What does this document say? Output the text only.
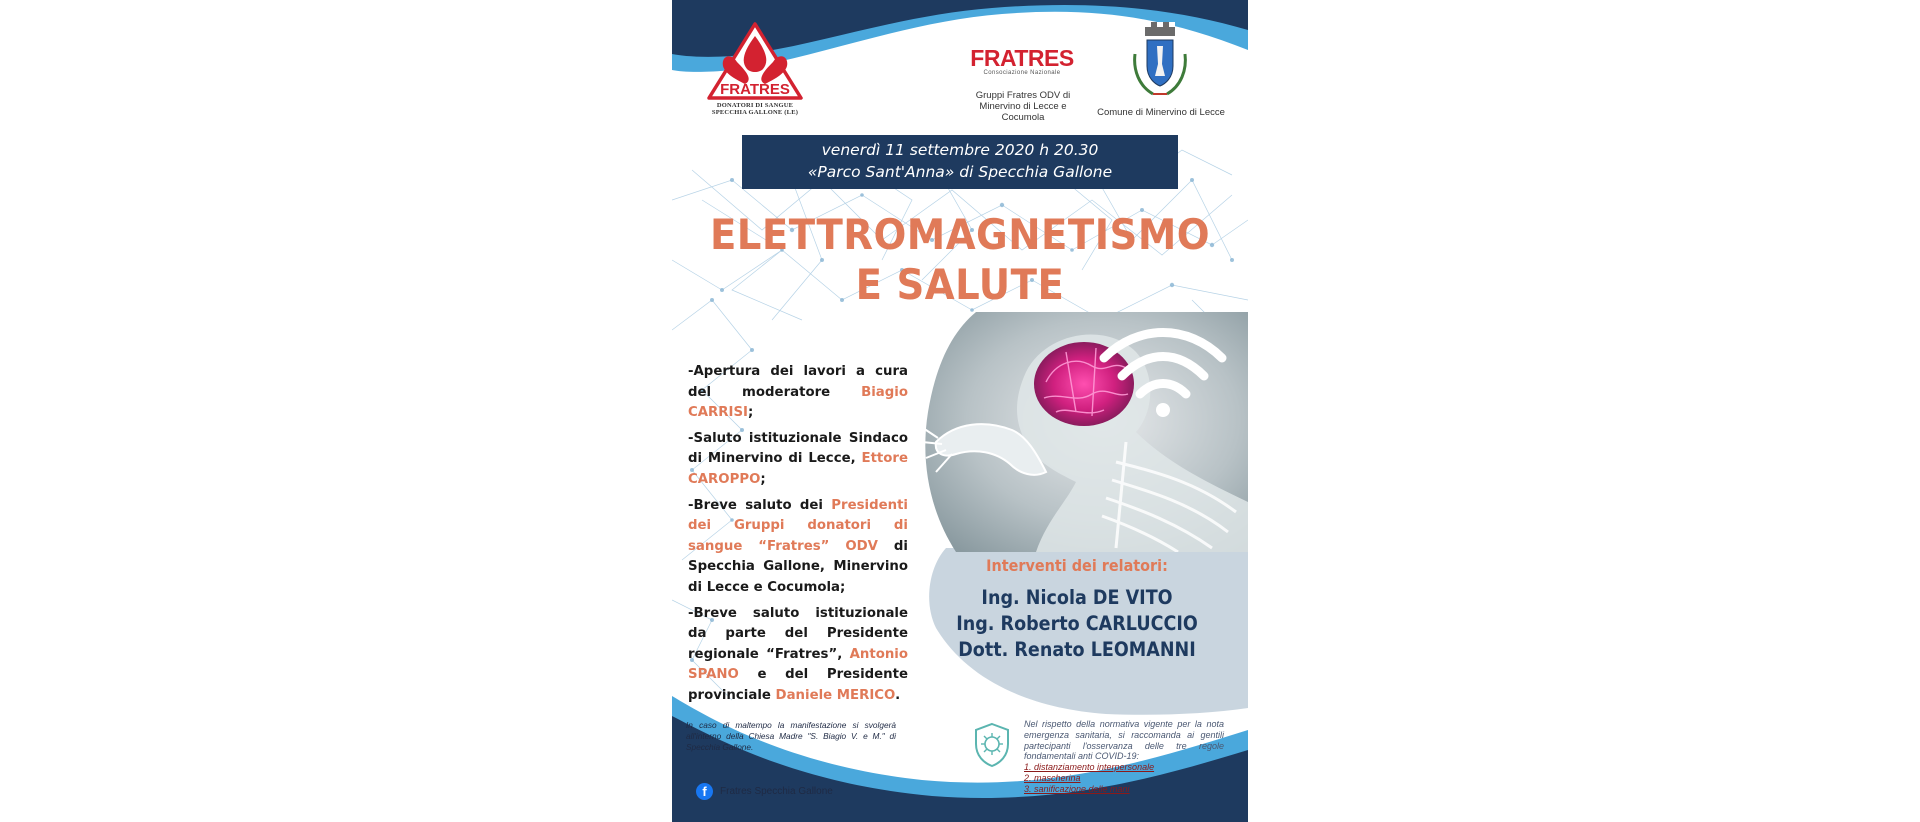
FRATRES
DONATORI DI SANGUE
SPECCHIA GALLONE (LE)
FRATRES
Consociazione Nazionale
Gruppi Fratres ODV di Minervino di Lecce e Cocumola	Comune di Minervino di Lecce
venerdì 11 settembre 2020 h 20.30
«Parco Sant'Anna» di Specchia Gallone
ELETTROMAGNETISMO
E SALUTE
Interventi dei relatori:
Ing. Nicola DE VITO
Ing. Roberto CARLUCCIO
Dott. Renato LEOMANNI

-Apertura dei lavori a cura del moderatore Biagio CARRISI;

-Saluto istituzionale Sindaco di Minervino di Lecce, Ettore CAROPPO;

-Breve saluto dei Presidenti dei Gruppi donatori di sangue “Fratres” ODV di Specchia Gallone, Minervino di Lecce e Cocumola;

-Breve saluto istituzionale da parte del Presidente regionale “Fratres”, Antonio SPANO e del Presidente provinciale Daniele MERICO.

In caso di maltempo la manifestazione si svolgerà all'interno della Chiesa Madre "S. Biagio V. e M." di Specchia Gallone.
Nel rispetto della normativa vigente per la nota emergenza sanitaria, si raccomanda ai gentili partecipanti l'osservanza delle tre regole fondamentali anti COVID-19:
1. distanziamento interpersonale
2. mascherina
3. sanificazione delle mani
f	Fratres Specchia Gallone
